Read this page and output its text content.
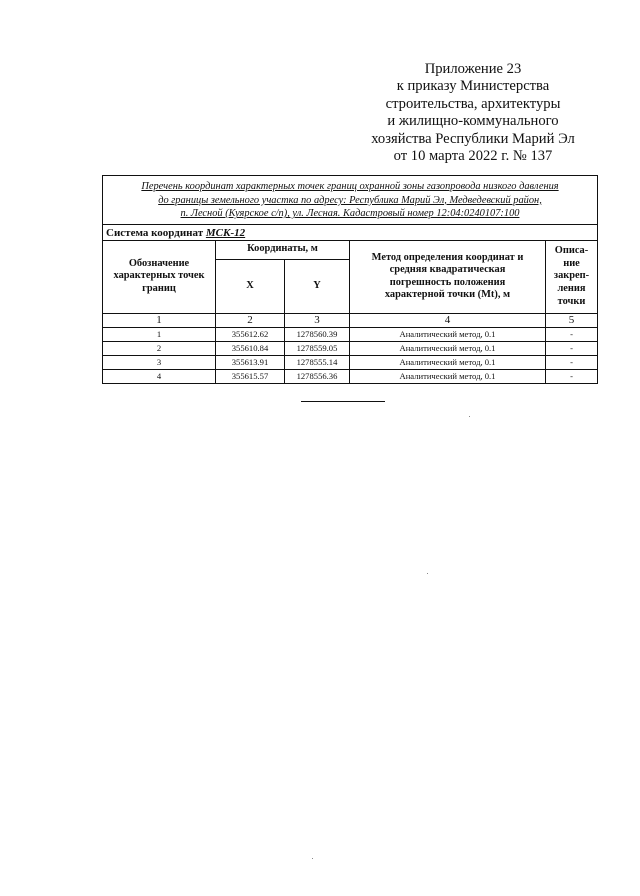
Приложение 23
к приказу Министерства
строительства, архитектуры
и жилищно-коммунального
хозяйства Республики Марий Эл
от 10 марта 2022 г. № 137
Перечень координат характерных точек границ охранной зоны газопровода низкого давления
до границы земельного участка по адресу: Республика Марий Эл, Медведевский район,
п. Лесной (Куярское с/п), ул. Лесная. Кадастровый номер 12:04:0240107:100				

Система координат МСК-12				
Обозначение характерных точек границ	Координаты, м		Метод определения координат и средняя квадратическая погрешность положения характерной точки (Mt), м	Описа-ние закреп-ления точки
	X	Y		
1	2	3	4	5
1	355612.62	1278560.39	Аналитический метод, 0.1	-
2	355610.84	1278559.05	Аналитический метод, 0.1	-
3	355613.91	1278555.14	Аналитический метод, 0.1	-
4	355615.57	1278556.36	Аналитический метод, 0.1	-
